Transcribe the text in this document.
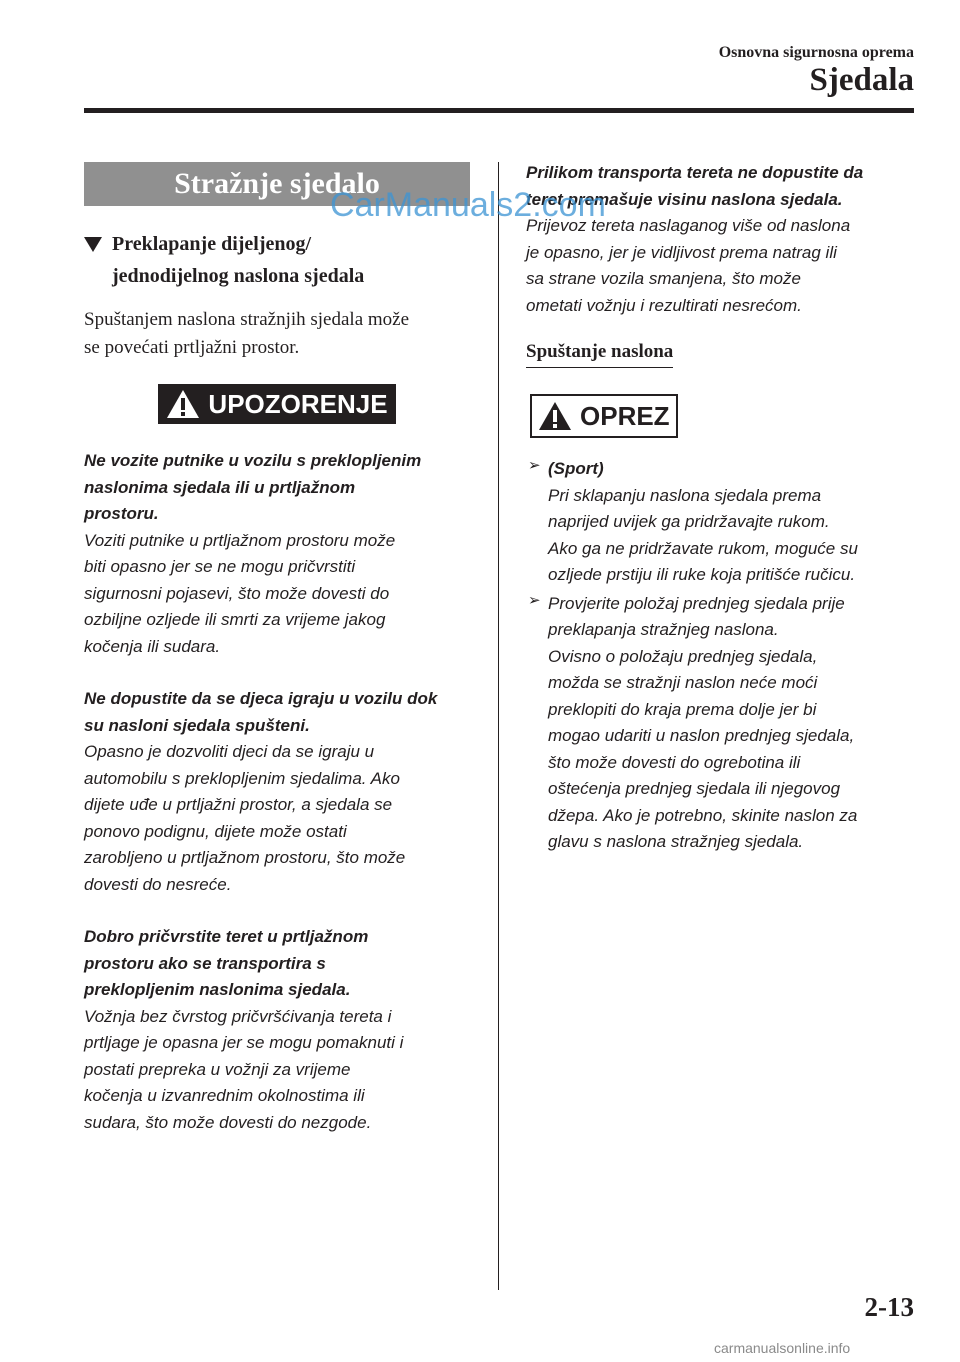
Osnovna sigurnosna oprema
Sjedala
Stražnje sjedalo
Preklapanje dijeljenog/
jednodijelnog naslona sjedala
Spuštanjem naslona stražnjih sjedala može
se povećati prtljažni prostor.
UPOZORENJE
Ne vozite putnike u vozilu s preklopljenim
naslonima sjedala ili u prtljažnom
prostoru.
Voziti putnike u prtljažnom prostoru može
biti opasno jer se ne mogu pričvrstiti
sigurnosni pojasevi, što može dovesti do
ozbiljne ozljede ili smrti za vrijeme jakog
kočenja ili sudara.
Ne dopustite da se djeca igraju u vozilu dok
su nasloni sjedala spušteni.
Opasno je dozvoliti djeci da se igraju u
automobilu s preklopljenim sjedalima. Ako
dijete uđe u prtljažni prostor, a sjedala se
ponovo podignu, dijete može ostati
zarobljeno u prtljažnom prostoru, što može
dovesti do nesreće.
Dobro pričvrstite teret u prtljažnom
prostoru ako se transportira s
preklopljenim naslonima sjedala.
Vožnja bez čvrstog pričvršćivanja tereta i
prtljage je opasna jer se mogu pomaknuti i
postati prepreka u vožnji za vrijeme
kočenja u izvanrednim okolnostima ili
sudara, što može dovesti do nezgode.
Prilikom transporta tereta ne dopustite da
teret premašuje visinu naslona sjedala.
Prijevoz tereta naslaganog više od naslona
je opasno, jer je vidljivost prema natrag ili
sa strane vozila smanjena, što može
ometati vožnju i rezultirati nesrećom.
Spuštanje naslona
OPREZ
➢ (Sport)
Pri sklapanju naslona sjedala prema
naprijed uvijek ga pridržavajte rukom.
Ako ga ne pridržavate rukom, moguće su
ozljede prstiju ili ruke koja pritišće ručicu.
➢ Provjerite položaj prednjeg sjedala prije
preklapanja stražnjeg naslona.
Ovisno o položaju prednjeg sjedala,
možda se stražnji naslon neće moći
preklopiti do kraja prema dolje jer bi
mogao udariti u naslon prednjeg sjedala,
što može dovesti do ogrebotina ili
oštećenja prednjeg sjedala ili njegovog
džepa. Ako je potrebno, skinite naslon za
glavu s naslona stražnjeg sjedala.
CarManuals2.com
2-13
carmanualsonline.info
